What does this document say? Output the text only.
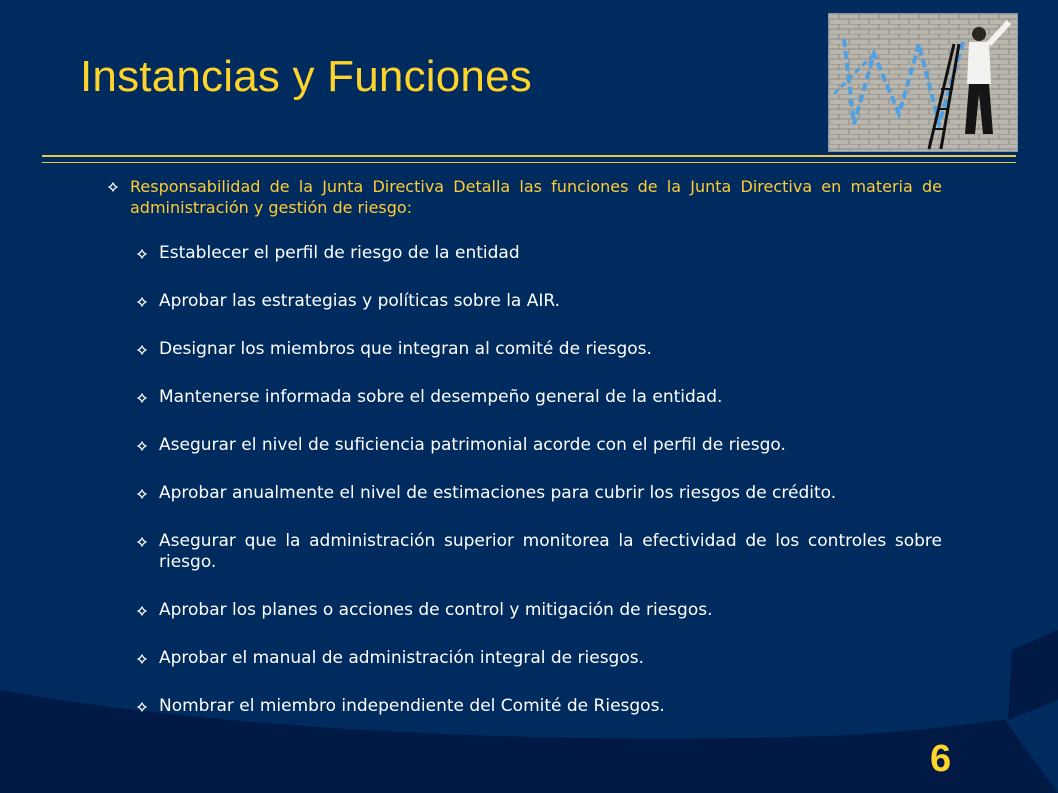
Instancias y Funciones
Responsabilidad de la Junta Directiva Detalla las funciones de la Junta Directiva en materia de administración y gestión de riesgo:
Establecer el perfil de riesgo de la entidad
Aprobar las estrategias y políticas sobre la AIR.
Designar los miembros que integran al comité de riesgos.
Mantenerse informada sobre el desempeño general de la entidad.
Asegurar el nivel de suficiencia patrimonial acorde con el perfil de riesgo.
Aprobar anualmente el nivel de estimaciones para cubrir los riesgos de crédito.
Asegurar que la administración superior monitorea la efectividad de los controles sobre riesgo.
Aprobar los planes o acciones de control y mitigación de riesgos.
Aprobar el manual de administración integral de riesgos.
Nombrar el miembro independiente del Comité de Riesgos.
6
